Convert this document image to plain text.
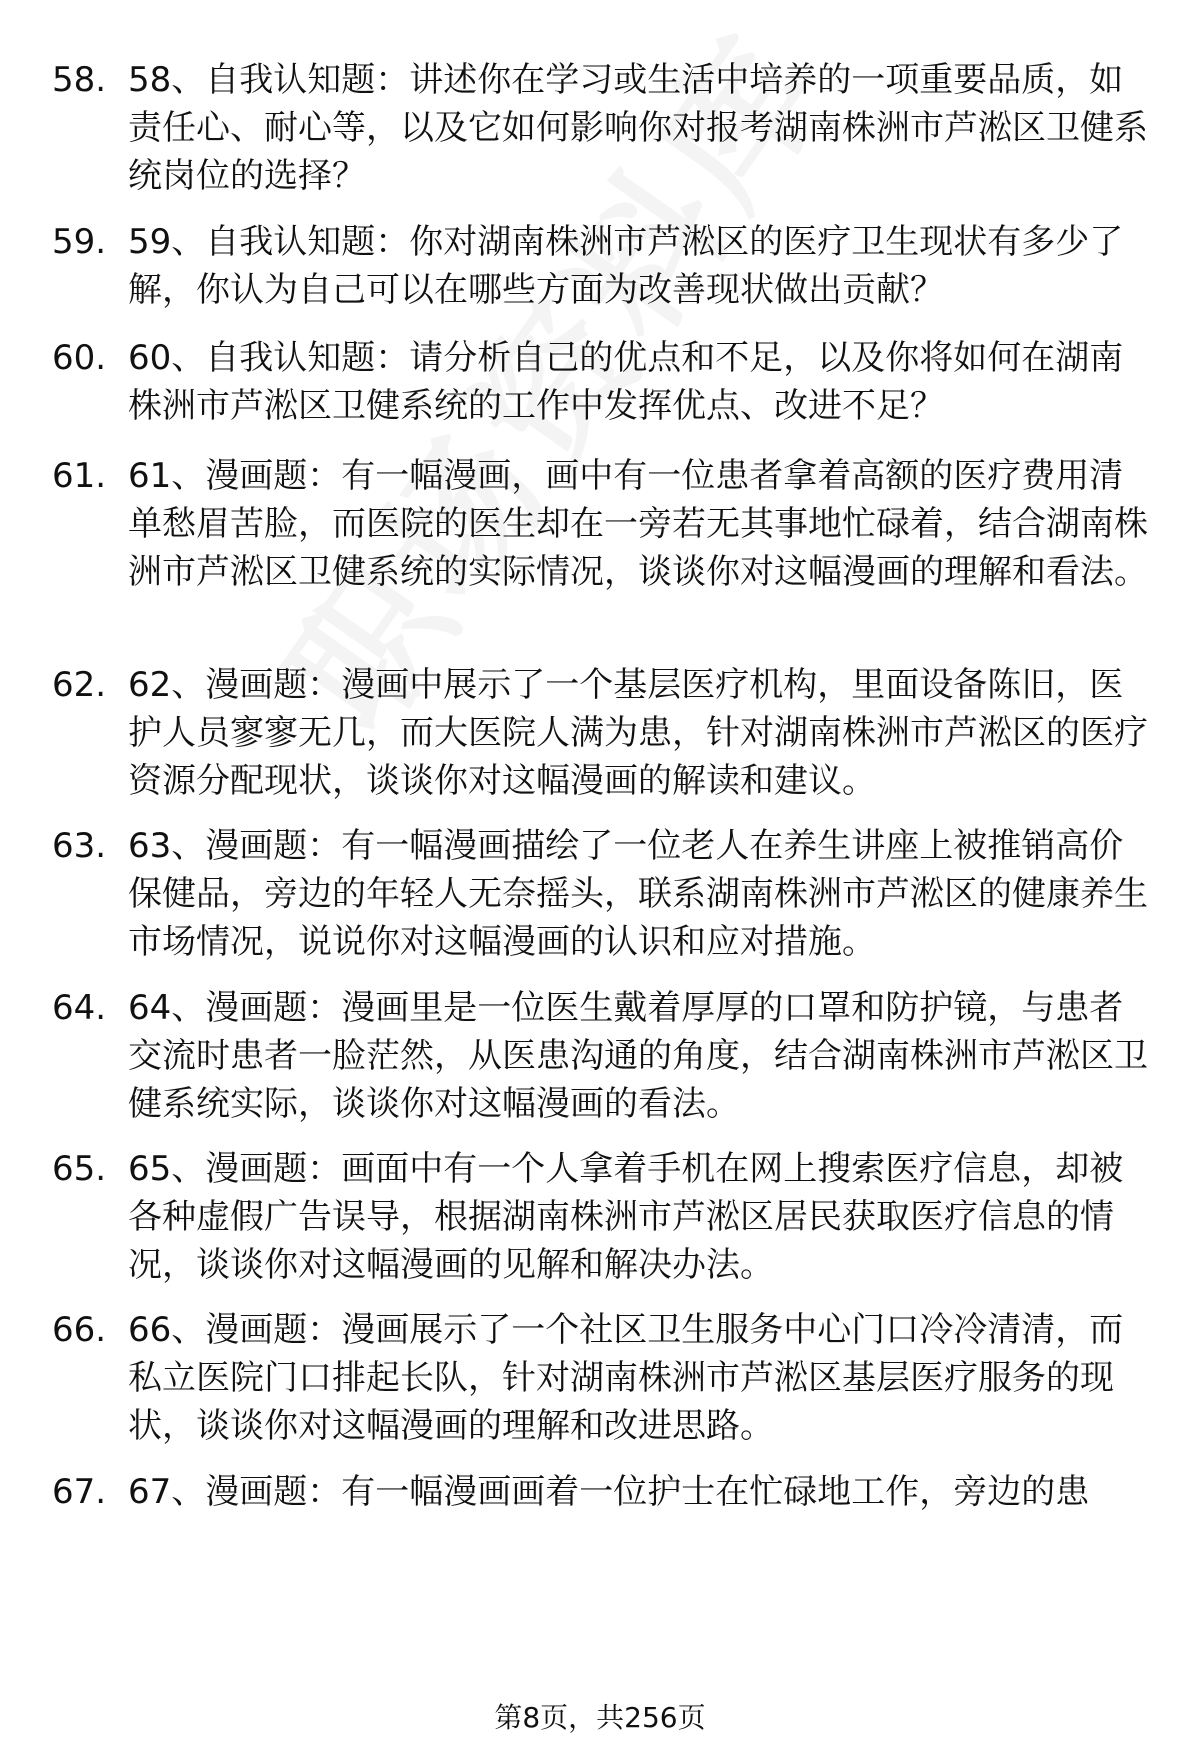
58. 58、自我认知题：讲述你在学习或生活中培养的一项重要品质，如责任心、耐心等，以及它如何影响你对报考湖南株洲市芦淞区卫健系统岗位的选择？
59. 59、自我认知题：你对湖南株洲市芦淞区的医疗卫生现状有多少了解，你认为自己可以在哪些方面为改善现状做出贡献？
60. 60、自我认知题：请分析自己的优点和不足，以及你将如何在湖南株洲市芦淞区卫健系统的工作中发挥优点、改进不足？
61. 61、漫画题：有一幅漫画，画中有一位患者拿着高额的医疗费用清单愁眉苦脸，而医院的医生却在一旁若无其事地忙碌着，结合湖南株洲市芦淞区卫健系统的实际情况，谈谈你对这幅漫画的理解和看法。
62. 62、漫画题：漫画中展示了一个基层医疗机构，里面设备陈旧，医护人员寥寥无几，而大医院人满为患，针对湖南株洲市芦淞区的医疗资源分配现状，谈谈你对这幅漫画的解读和建议。
63. 63、漫画题：有一幅漫画描绘了一位老人在养生讲座上被推销高价保健品，旁边的年轻人无奈摇头，联系湖南株洲市芦淞区的健康养生市场情况，说说你对这幅漫画的认识和应对措施。
64. 64、漫画题：漫画里是一位医生戴着厚厚的口罩和防护镜，与患者交流时患者一脸茫然，从医患沟通的角度，结合湖南株洲市芦淞区卫健系统实际，谈谈你对这幅漫画的看法。
65. 65、漫画题：画面中有一个人拿着手机在网上搜索医疗信息，却被各种虚假广告误导，根据湖南株洲市芦淞区居民获取医疗信息的情况，谈谈你对这幅漫画的见解和解决办法。
66. 66、漫画题：漫画展示了一个社区卫生服务中心门口冷冷清清，而私立医院门口排起长队，针对湖南株洲市芦淞区基层医疗服务的现状，谈谈你对这幅漫画的理解和改进思路。
67. 67、漫画题：有一幅漫画画着一位护士在忙碌地工作，旁边的患
第8页，共256页
